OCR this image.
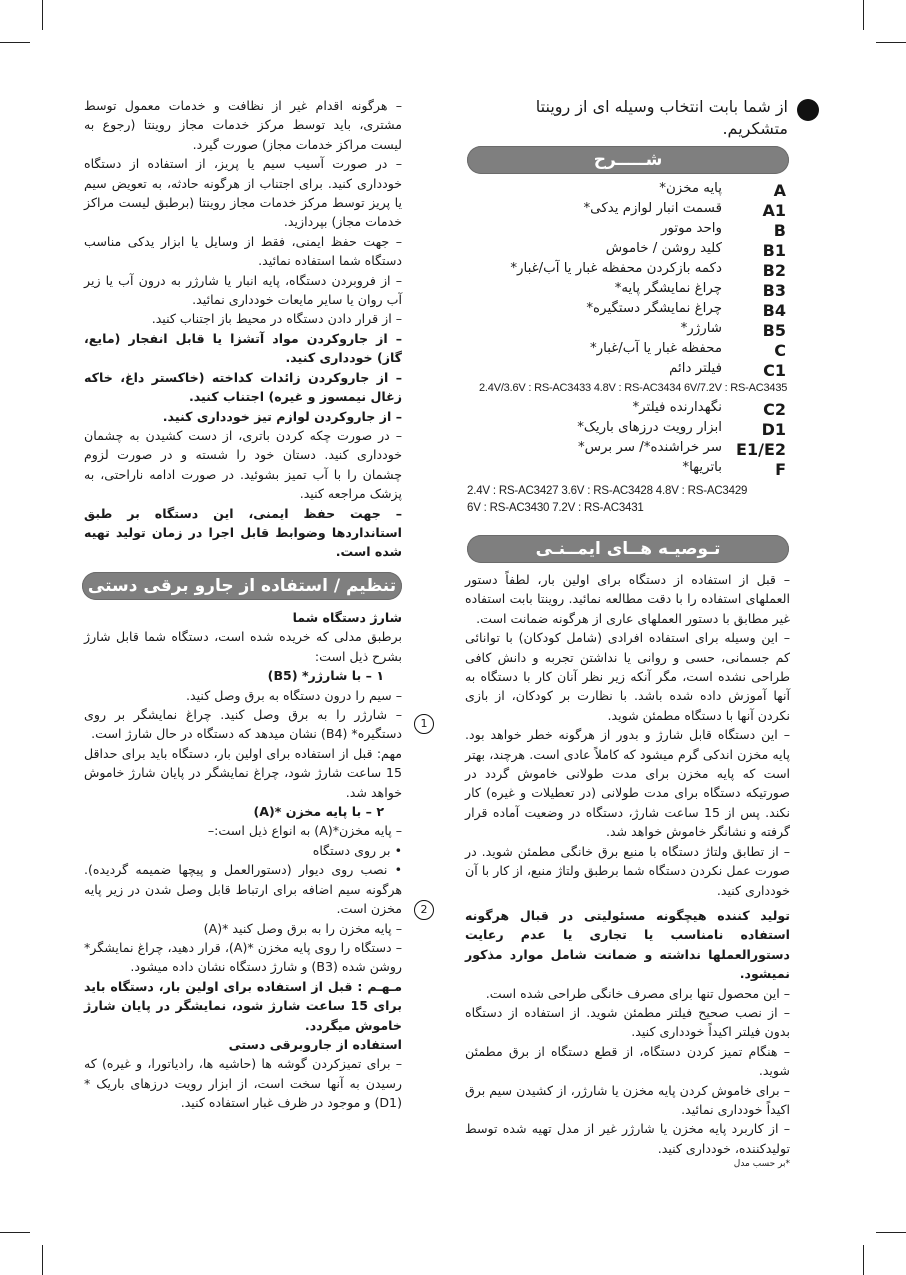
از شما بابت انتخاب وسیله ای از روینتا متشکریم.
شـــــرح
A
پایه مخزن*
A1
قسمت انبار لوازم یدکی*
B
واحد موتور
B1
کلید روشن / خاموش
B2
دکمه بازکردن محفظه غبار یا آب/غبار*
B3
چراغ نمایشگر پایه*
B4
چراغ نمایشگر دستگیره*
B5
شارژر*
C
محفظه غبار یا آب/غبار*
C1
فیلتر دائم
2.4V/3.6V : RS-AC3433 4.8V : RS-AC3434 6V/7.2V : RS-AC3435
C2
نگهدارنده فیلتر*
D1
ابزار رویت درزهای باریک*
E1/E2
سر خراشنده*/ سر برس*
F
باتریها*
2.4V : RS-AC3427 3.6V : RS-AC3428 4.8V : RS-AC3429
6V : RS-AC3430 7.2V : RS-AC3431
تـوصیـه هــای ایمــنـی

– قبل از استفاده از دستگاه برای اولین بار، لطفاً دستور العملهای استفاده را با دقت مطالعه نمائید. روینتا بابت استفاده غیر مطابق با دستور العملهای عاری از هرگونه ضمانت است.

– این وسیله برای استفاده افرادی (شامل کودکان) با توانائی کم جسمانی، حسی و روانی یا نداشتن تجربه و دانش کافی طراحی نشده است، مگر آنکه زیر نظر آنان کار با دستگاه به آنها آموزش داده شده باشد. با نظارت بر کودکان، از بازی نکردن آنها با دستگاه مطمئن شوید.

– این دستگاه قابل شارژ و بدور از هرگونه خطر خواهد بود. پایه مخزن اندکی گرم میشود که کاملاً عادی است. هرچند، بهتر است که پایه مخزن برای مدت طولانی خاموش گردد در صورتیکه دستگاه برای مدت طولانی (در تعطیلات و غیره) کار نکند. پس از 15 ساعت شارژ، دستگاه در وضعیت آماده قرار گرفته و نشانگر خاموش خواهد شد.

– از تطابق ولتاژ دستگاه با منبع برق خانگی مطمئن شوید. در صورت عمل نکردن دستگاه شما برطبق ولتاژ منبع، از کار با آن خودداری کنید.

تولید کننده هیچگونه مسئولیتی در قبال هرگونه استفاده نامناسب یا تجاری یا عدم رعایت دستورالعملها نداشته و ضمانت شامل موارد مذکور نمیشود.

– این محصول تنها برای مصرف خانگی طراحی شده است.

– از نصب صحیح فیلتر مطمئن شوید. از استفاده از دستگاه بدون فیلتر اکیداً خودداری کنید.

– هنگام تمیز کردن دستگاه، از قطع دستگاه از برق مطمئن شوید.

– برای خاموش کردن پایه مخزن یا شارژر، از کشیدن سیم برق اکیداً خودداری نمائید.

– از کاربرد پایه مخزن یا شارژر غیر از مدل تهیه شده توسط تولیدکننده، خودداری کنید.

*بر حسب مدل

– هرگونه اقدام غیر از نظافت و خدمات معمول توسط مشتری، باید توسط مرکز خدمات مجاز روینتا (رجوع به لیست مراکز خدمات مجاز) صورت گیرد.

– در صورت آسیب سیم یا پریز، از استفاده از دستگاه خودداری کنید. برای اجتناب از هرگونه حادثه، به تعویض سیم یا پریز توسط مرکز خدمات مجاز روینتا (برطبق لیست مراکز خدمات مجاز) بپردازید.

– جهت حفظ ایمنی، فقط از وسایل یا ابزار یدکی مناسب دستگاه شما استفاده نمائید.

– از فروبردن دستگاه، پایه انبار یا شارژر به درون آب یا زیر آب روان یا سایر مایعات خودداری نمائید.

– از قرار دادن دستگاه در محیط باز اجتناب کنید.

– از جاروکردن مواد آتشزا یا قابل انفجار (مایع، گاز) خودداری کنید.

– از جاروکردن زائدات کداخته (خاکستر داغ، خاکه زغال نیمسوز و غیره) اجتناب کنید.

– از جاروکردن لوازم تیز خودداری کنید.

– در صورت چکه کردن باتری، از دست کشیدن به چشمان خودداری کنید. دستان خود را شسته و در صورت لزوم چشمان را با آب تمیز بشوئید. در صورت ادامه ناراحتی، به پزشک مراجعه کنید.

– جهت حفظ ایمنی، این دستگاه بر طبق استانداردها وضوابط قابل اجرا در زمان تولید تهیه شده است.

تنظیم / استفاده از جارو برقی دستی

شارژ دستگاه شما

برطبق مدلی که خریده شده است، دستگاه شما قابل شارژ بشرح ذیل است:

۱ – با شارژر* (B5)

– سیم را درون دستگاه به برق وصل کنید.

– شارژر را به برق وصل کنید. چراغ نمایشگر بر روی دستگیره* (B4) نشان میدهد که دستگاه در حال شارژ است.

مهم: قبل از استفاده برای اولین بار، دستگاه باید برای حداقل 15 ساعت شارژ شود، چراغ نمایشگر در پایان شارژ خاموش خواهد شد.

۲ – با پایه مخزن *(A)

– پایه مخزن*(A) به انواع ذیل است:–

• بر روی دستگاه

• نصب روی دیوار (دستورالعمل و پیچها ضمیمه گردیده). هرگونه سیم اضافه برای ارتباط قابل وصل شدن در زیر پایه مخزن است.

– پایه مخزن را به برق وصل کنید *(A)

– دستگاه را روی پایه مخزن *(A)، قرار دهید، چراغ نمایشگر* روشن شده (B3) و شارژ دستگاه نشان داده میشود.

مـهـم : قبل از استفاده برای اولین بار، دستگاه باید برای 15 ساعت شارژ شود، نمایشگر در پایان شارژ خاموش میگردد.

استفاده از جاروبرقی دستی

– برای تمیزکردن گوشه ها (حاشیه ها، رادیاتورا، و غیره) که رسیدن به آنها سخت است، از ابزار رویت درزهای باریک *(D1) و موجود در ظرف غبار استفاده کنید.

1
2
